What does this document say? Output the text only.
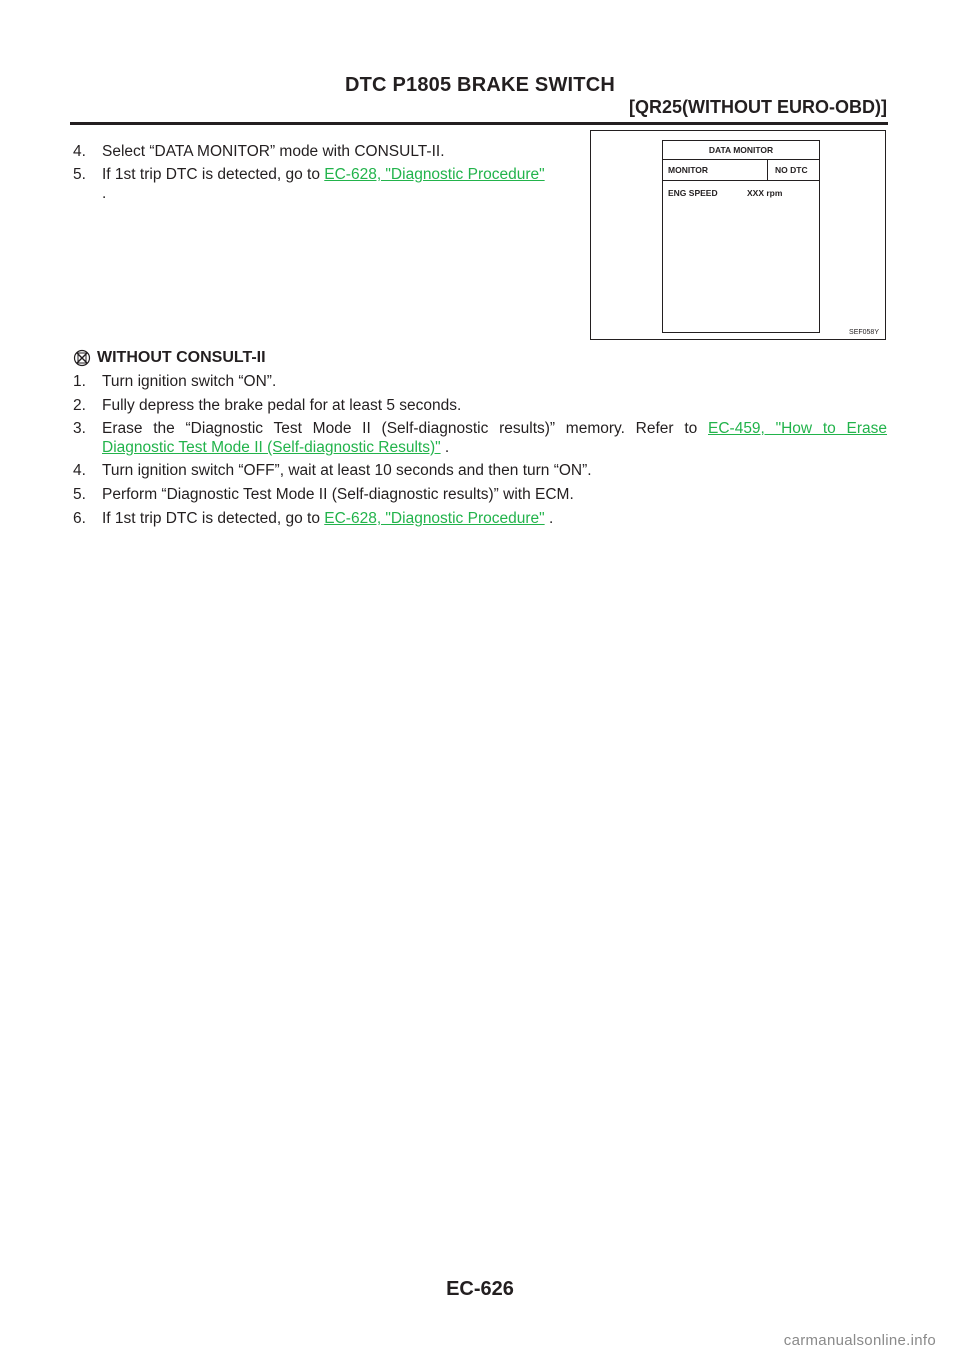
DTC P1805 BRAKE SWITCH
[QR25(WITHOUT EURO-OBD)]
4. Select “DATA MONITOR” mode with CONSULT-II.
5. If 1st trip DTC is detected, go to EC-628, "Diagnostic Procedure"
.
DATA MONITOR
MONITOR	NO DTC
ENG SPEED	XXX rpm
SEF058Y
WITHOUT CONSULT-II
1. Turn ignition switch “ON”.
2. Fully depress the brake pedal for at least 5 seconds.
3. Erase the “Diagnostic Test Mode II (Self-diagnostic results)” memory. Refer to EC-459, "How to Erase
Diagnostic Test Mode II (Self-diagnostic Results)" .
4. Turn ignition switch “OFF”, wait at least 10 seconds and then turn “ON”.
5. Perform “Diagnostic Test Mode II (Self-diagnostic results)” with ECM.
6. If 1st trip DTC is detected, go to EC-628, "Diagnostic Procedure" .
EC-626
carmanualsonline.info
